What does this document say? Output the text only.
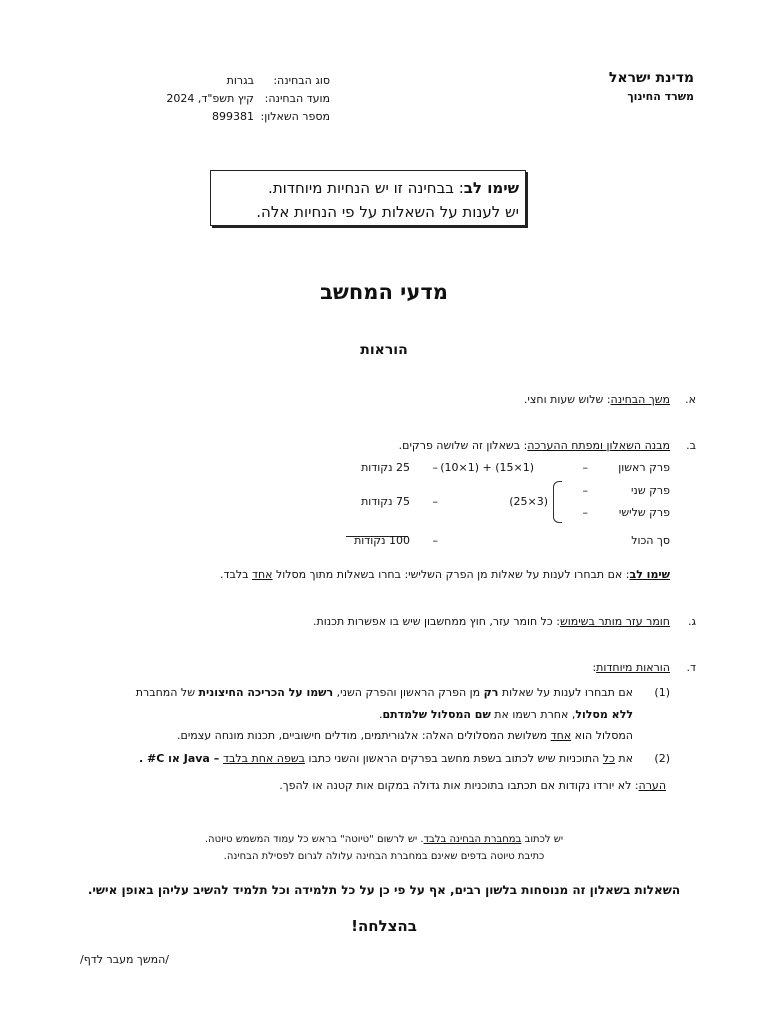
מדינת ישראל
משרד החינוך
סוג הבחינה:
בגרות
מועד הבחינה:
קיץ תשפ"ד, 2024
מספר השאלון:
899381
שימו לב: בבחינה זו יש הנחיות מיוחדות.
יש לענות על השאלות על פי הנחיות אלה.
מדעי המחשב
הוראות
א.משך הבחינה: שלוש שעות וחצי.
ב.מבנה השאלון ומפתח ההערכה: בשאלון זה שלושה פרקים.
פרק ראשון
–
(10×1) + (15×1)
–
25 נקודות
פרק שני
–
פרק שלישי
–
(25×3)
–
75 נקודות
סך הכול
–
100 נקודות
שימו לב: אם תבחרו לענות על שאלות מן הפרק השלישי: בחרו בשאלות מתוך מסלול אחד בלבד.
ג.חומר עזר מותר בשימוש: כל חומר עזר, חוץ ממחשבון שיש בו אפשרות תכנות.
ד.הוראות מיוחדות:
(1)
אם תבחרו לענות על שאלות רק מן הפרק הראשון והפרק השני, רשמו על הכריכה החיצונית של המחברת
ללא מסלול, אחרת רשמו את שם המסלול שלמדתם.
המסלול הוא אחד משלושת המסלולים האלה: אלגוריתמים, מודלים חישוביים, תכנות מונחה עצמים.
(2)
את כל התוכניות שיש לכתוב בשפת מחשב בפרקים הראשון והשני כתבו בשפה אחת בלבד – Java או C# .
הערה: לא יורדו נקודות אם תכתבו בתוכניות אות גדולה במקום אות קטנה או להפך.
יש לכתוב במחברת הבחינה בלבד. יש לרשום "טיוטה" בראש כל עמוד המשמש טיוטה.
כתיבת טיוטה בדפים שאינם במחברת הבחינה עלולה לגרום לפסילת הבחינה.
השאלות בשאלון זה מנוסחות בלשון רבים, אף על פי כן על כל תלמידה וכל תלמיד להשיב עליהן באופן אישי.
בהצלחה!
/המשך מעבר לדף/
